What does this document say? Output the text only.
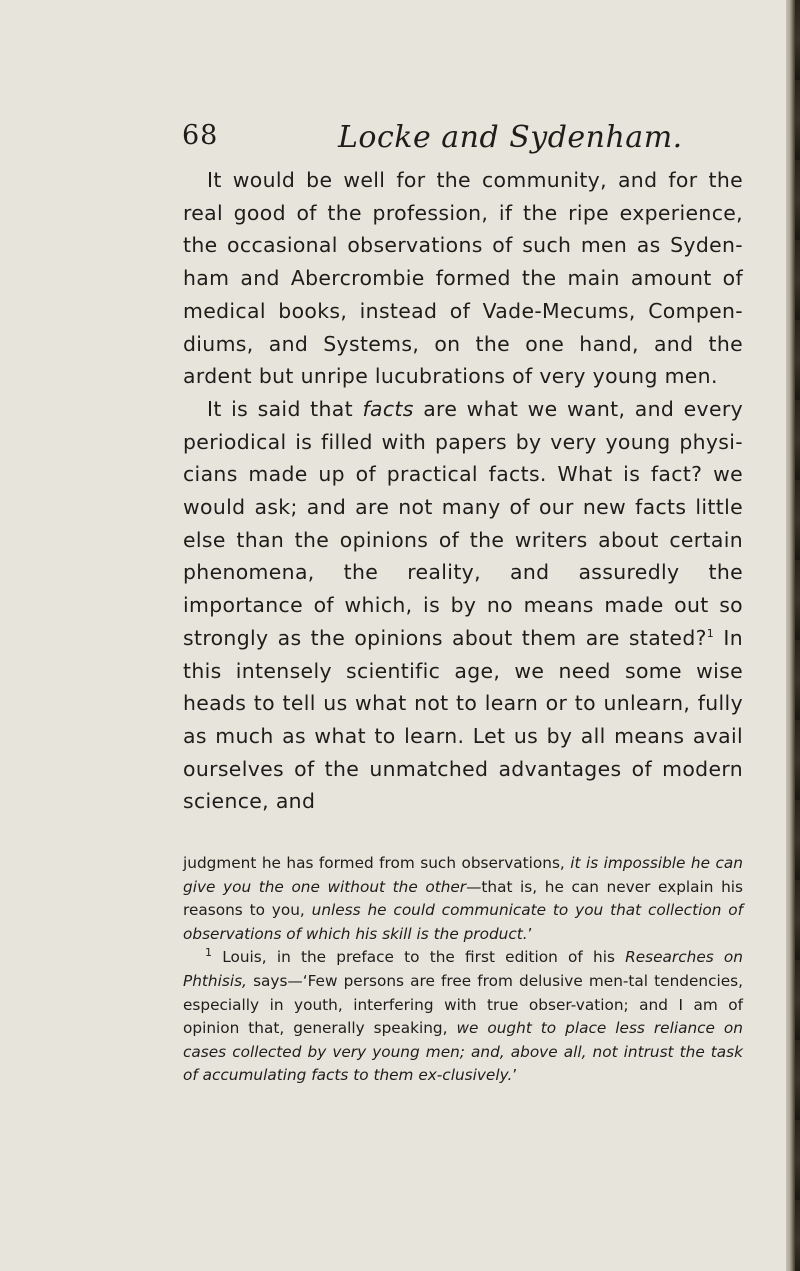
68	Locke and Sydenham.

It would be well for the community, and for the real good of the profession, if the ripe experience, the occasional observations of such men as Syden-ham and Abercrombie formed the main amount of medical books, instead of Vade-Mecums, Compen-diums, and Systems, on the one hand, and the ardent but unripe lucubrations of very young men.

It is said that facts are what we want, and every periodical is filled with papers by very young physi-cians made up of practical facts. What is fact? we would ask; and are not many of our new facts little else than the opinions of the writers about certain phenomena, the reality, and assuredly the importance of which, is by no means made out so strongly as the opinions about them are stated?$^1$ In this intensely scientific age, we need some wise heads to tell us what not to learn or to unlearn, fully as much as what to learn. Let us by all means avail ourselves of the unmatched advantages of modern science, and

judgment he has formed from such observations, it is impossible he can give you the one without the other—that is, he can never explain his reasons to you, unless he could communicate to you that collection of observations of which his skill is the product.’

$^1$ Louis, in the preface to the first edition of his Researches on Phthisis, says—‘Few persons are free from delusive men-tal tendencies, especially in youth, interfering with true obser-vation; and I am of opinion that, generally speaking, we ought to place less reliance on cases collected by very young men; and, above all, not intrust the task of accumulating facts to them ex-clusively.’
